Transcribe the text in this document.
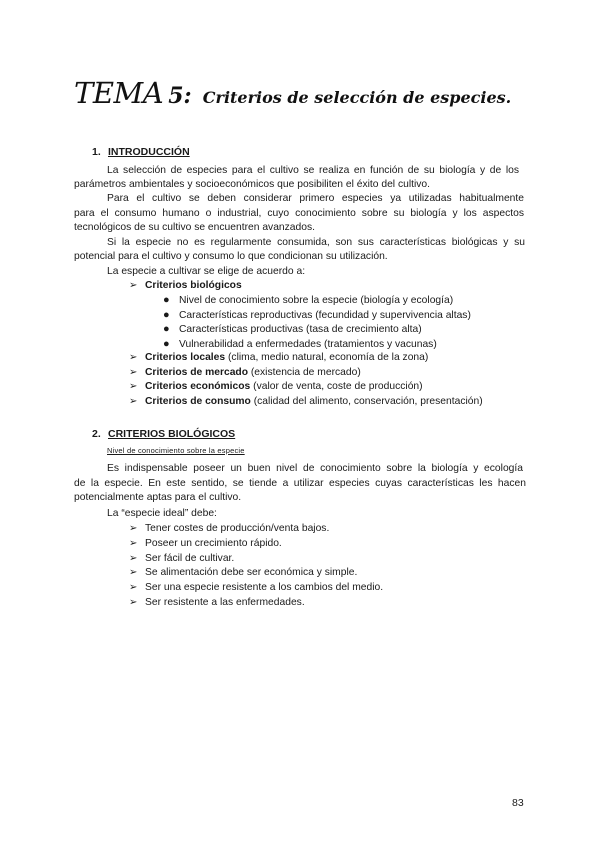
TEMA 5: Criterios de selección de especies.
1. INTRODUCCIÓN
La selección de especies para el cultivo se realiza en función de su biología y de los
parámetros ambientales y socioeconómicos que posibiliten el éxito del cultivo.
Para el cultivo se deben considerar primero especies ya utilizadas habitualmente
para el consumo humano o industrial, cuyo conocimiento sobre su biología y los aspectos
tecnológicos de su cultivo se encuentren avanzados.
Si la especie no es regularmente consumida, son sus características biológicas y su
potencial para el cultivo y consumo lo que condicionan su utilización.
La especie a cultivar se elige de acuerdo a:
➢ Criterios biológicos
● Nivel de conocimiento sobre la especie (biología y ecología)
● Características reproductivas (fecundidad y supervivencia altas)
● Características productivas (tasa de crecimiento alta)
● Vulnerabilidad a enfermedades (tratamientos y vacunas)
➢ Criterios locales (clima, medio natural, economía de la zona)
➢ Criterios de mercado (existencia de mercado)
➢ Criterios económicos (valor de venta, coste de producción)
➢ Criterios de consumo (calidad del alimento, conservación, presentación)
2. CRITERIOS BIOLÓGICOS
Nivel de conocimiento sobre la especie
Es indispensable poseer un buen nivel de conocimiento sobre la biología y ecología
de la especie. En este sentido, se tiende a utilizar especies cuyas características les hacen
potencialmente aptas para el cultivo.
La “especie ideal” debe:
➢ Tener costes de producción/venta bajos.
➢ Poseer un crecimiento rápido.
➢ Ser fácil de cultivar.
➢ Se alimentación debe ser económica y simple.
➢ Ser una especie resistente a los cambios del medio.
➢ Ser resistente a las enfermedades.
83
